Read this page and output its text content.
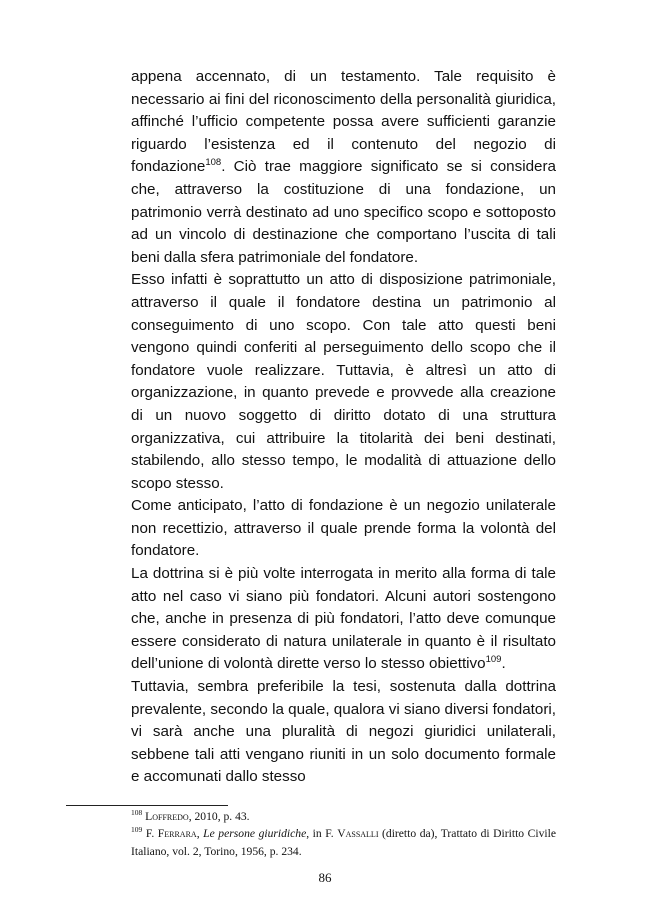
appena accennato, di un testamento. Tale requisito è necessario ai fini del riconoscimento della personalità giuridica, affinché l’ufficio competente possa avere sufficienti garanzie riguardo l’esistenza ed il contenuto del negozio di fondazione$^{108}$. Ciò trae maggiore significato se si considera che, attraverso la costituzione di una fondazione, un patrimonio verrà destinato ad uno specifico scopo e sottoposto ad un vincolo di destinazione che comportano l’uscita di tali beni dalla sfera patrimoniale del fondatore.

Esso infatti è soprattutto un atto di disposizione patrimoniale, attraverso il quale il fondatore destina un patrimonio al conseguimento di uno scopo. Con tale atto questi beni vengono quindi conferiti al perseguimento dello scopo che il fondatore vuole realizzare. Tuttavia, è altresì un atto di organizzazione, in quanto prevede e provvede alla creazione di un nuovo soggetto di diritto dotato di una struttura organizzativa, cui attribuire la titolarità dei beni destinati, stabilendo, allo stesso tempo, le modalità di attuazione dello scopo stesso.

Come anticipato, l’atto di fondazione è un negozio unilaterale non recettizio, attraverso il quale prende forma la volontà del fondatore.

La dottrina si è più volte interrogata in merito alla forma di tale atto nel caso vi siano più fondatori. Alcuni autori sostengono che, anche in presenza di più fondatori, l’atto deve comunque essere considerato di natura unilaterale in quanto è il risultato dell’unione di volontà dirette verso lo stesso obiettivo$^{109}$.

Tuttavia, sembra preferibile la tesi, sostenuta dalla dottrina prevalente, secondo la quale, qualora vi siano diversi fondatori, vi sarà anche una pluralità di negozi giuridici unilaterali, sebbene tali atti vengano riuniti in un solo documento formale e accomunati dallo stesso

$^{108}$ Loffredo, 2010, p. 43.

$^{109}$ F. Ferrara, Le persone giuridiche, in F. Vassalli (diretto da), Trattato di Diritto Civile Italiano, vol. 2, Torino, 1956, p. 234.

86
